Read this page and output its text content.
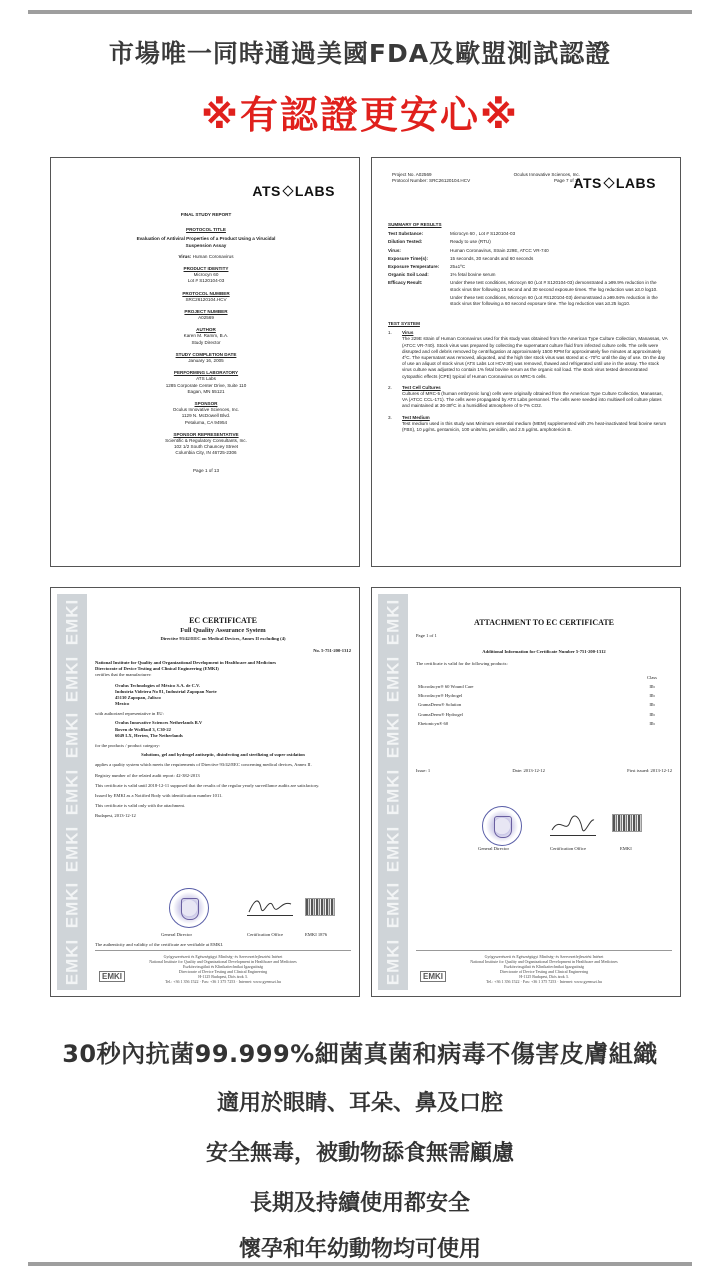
市場唯一同時通過美國FDA及歐盟測試認證
※有認證更安心※
ATS LABS
FINAL STUDY REPORT
PROTOCOL TITLE
Evaluation of Antiviral Properties of a Product Using a Virucidal Suspension Assay
Virus: Human Coronavirus
PRODUCT IDENTITY
Microcyn 60
Lot # S120104-03
PROTOCOL NUMBER
SRC26120104.HCV
PROJECT NUMBER
A02569
AUTHOR
Karen M. Ramm, B.A.
Study Director
STUDY COMPLETION DATE
January 16, 2005
PERFORMING LABORATORY
ATS Labs
1285 Corporate Center Drive, Suite 110
Eagan, MN 55121
SPONSOR
Oculus Innovative Sciences, Inc.
1129 N. McDowell Blvd.
Petaluma, CA 94954
SPONSOR REPRESENTATIVE
Scientific & Regulatory Consultants, Inc.
102 1/2 South Chauncey Street
Columbia City, IN 46725-2306
Page 1 of 13
Project No. A02569
Protocol Number: SRC26120104.HCV
Oculus Innovative Sciences, Inc.
Page 7 of 13
ATS LABS
SUMMARY OF RESULTS
Test Substance:	Microcyn 60 , Lot # S120104-03
Dilution Tested:	Ready to use (RTU)
Virus:	Human Coronavirus, Strain 229E, ATCC VR-740
Exposure Time(s):	15 seconds, 30 seconds and 60 seconds
Exposure Temperature:	25±1ºC
Organic Soil Load:	1% fetal bovine serum
Efficacy Result:	Under these test conditions, Microcyn 60 (Lot # S120104-03) demonstrated a ≥99.9% reduction in the stock virus titer following 15 second and 30 second exposure times. The log reduction was ≥3.0 log10.
Under these test conditions, Microcyn 60 (Lot #S120104-03) demonstrated a ≥99.94% reduction in the stock virus titer following a 60 second exposure time. The log reduction was ≥3.25 log10.
TEST SYSTEM
1.	Virus
The 229E strain of Human Coronavirus used for this study was obtained from the American Type Culture Collection, Manassas, VA (ATCC VR-740). Stock virus was prepared by collecting the supernatant culture fluid from infected culture cells. The cells were disrupted and cell debris removed by centrifugation at approximately 1500 RPM for approximately five minutes at approximately 4ºC. The supernatant was removed, aliquoted, and the high titer stock virus was stored at ≤ -70ºC until the day of use. On the day of use an aliquot of stock virus (ATS Labs Lot HCV-30) was removed, thawed and refrigerated until use in the assay. The stock virus culture was adjusted to contain 1% fetal bovine serum as the organic soil load. The stock virus tested demonstrated cytopathic effects (CPE) typical of Human Coronavirus on MRC-5 cells.
2.	Test Cell Cultures
Cultures of MRC-5 (human embryonic lung) cells were originally obtained from the American Type Culture Collection, Manassas, VA (ATCC CCL-171). The cells were propagated by ATS Labs personnel. The cells were seeded into multiwell cell culture plates and maintained at 36-38ºC in a humidified atmosphere of 5-7% CO2.
3.	Test Medium
Test medium used in this study was Minimum essential medium (MEM) supplemented with 2% heat-inactivated fetal bovine serum (FBS), 10 μg/mL gentamicin, 100 units/mL penicillin, and 2.5 μg/mL amphotericin B.
EMKI
EMKI
EMKI
EMKI
EMKI
EMKI
EMKI
EC CERTIFICATE
Full Quality Assurance System
Directive 93/42/EEC on Medical Devices, Annex II excluding (4)
No. 5-751-200-1312
National Institute for Quality and Organizational Development in Healthcare and Medicines
Directorate of Device Testing and Clinical Engineering (EMKI)
certifies that the manufacturer:
Oculus Technologies of México S.A. de C.V.
Industria Vidriera No 81, Industrial Zapopan Norte
45130 Zapopan, Jalisco
Mexico
with authorized representative in EU:
Oculus Innovative Sciences Netherlands B.V
Boven de Wolfkuil 3, C30-22
6049 LX, Herten, The Netherlands
for the products / product category:
Solutions, gel and hydrogel antiseptic, disinfecting and sterilizing of super oxidation
applies a quality system which meets the requirements of Directive 93/42/EEC concerning medical devices, Annex II.
Registry number of the related audit report: 42-382-2013
This certificate is valid until 2018-12-11 supposed that the results of the regular yearly surveillance audits are satisfactory.
Issued by EMKI as a Notified Body with identification number 1011.
This certificate is valid only with the attachment.
Budapest, 2013-12-12
General Director	Certification Office	EMKI 1876
The authenticity and validity of the certificate are verifiable at EMKI.
Gyógyszerészeti és Egészségügyi Minőség- és Szervezetfejlesztési Intézet
National Institute for Quality and Organizational Development in Healthcare and Medicines
Eszközvizsgálati és Klinikaitechnikai Igazgatóság
Directorate of Device Testing and Clinical Engineering
H-1125 Budapest, Diós árok 3.
Tel.: +36 1 356 1522 · Fax: +36 1 375 7253 · Internet: www.gyemszi.hu
EMKI
EMKI
EMKI
EMKI
EMKI
EMKI
EMKI
EMKI
ATTACHMENT TO EC CERTIFICATE
Page 1 of 1
Additional Information for Certificate Number 5-751-200-1312
The certificate is valid for the following products:
	Class
Microdacyn® 60 Wound Care	IIb
Microdacyn® Hydrogel	IIb
GramaDerm® Solution	IIb
GramaDerm® Hydrogel	IIb
Ebetonicyn® 60	IIb
Issue: 1	Date: 2013-12-12	First issued: 2013-12-12
General Director	Certification Office	EMKI
Gyógyszerészeti és Egészségügyi Minőség- és Szervezetfejlesztési Intézet
National Institute for Quality and Organizational Development in Healthcare and Medicines
Eszközvizsgálati és Klinikaitechnikai Igazgatóság
Directorate of Device Testing and Clinical Engineering
H-1125 Budapest, Diós árok 3.
Tel.: +36 1 356 1522 · Fax: +36 1 375 7253 · Internet: www.gyemszi.hu
EMKI
30秒內抗菌99.999%細菌真菌和病毒不傷害皮膚組織
適用於眼睛、耳朵、鼻及口腔
安全無毒，被動物舔食無需顧慮
長期及持續使用都安全
懷孕和年幼動物均可使用
